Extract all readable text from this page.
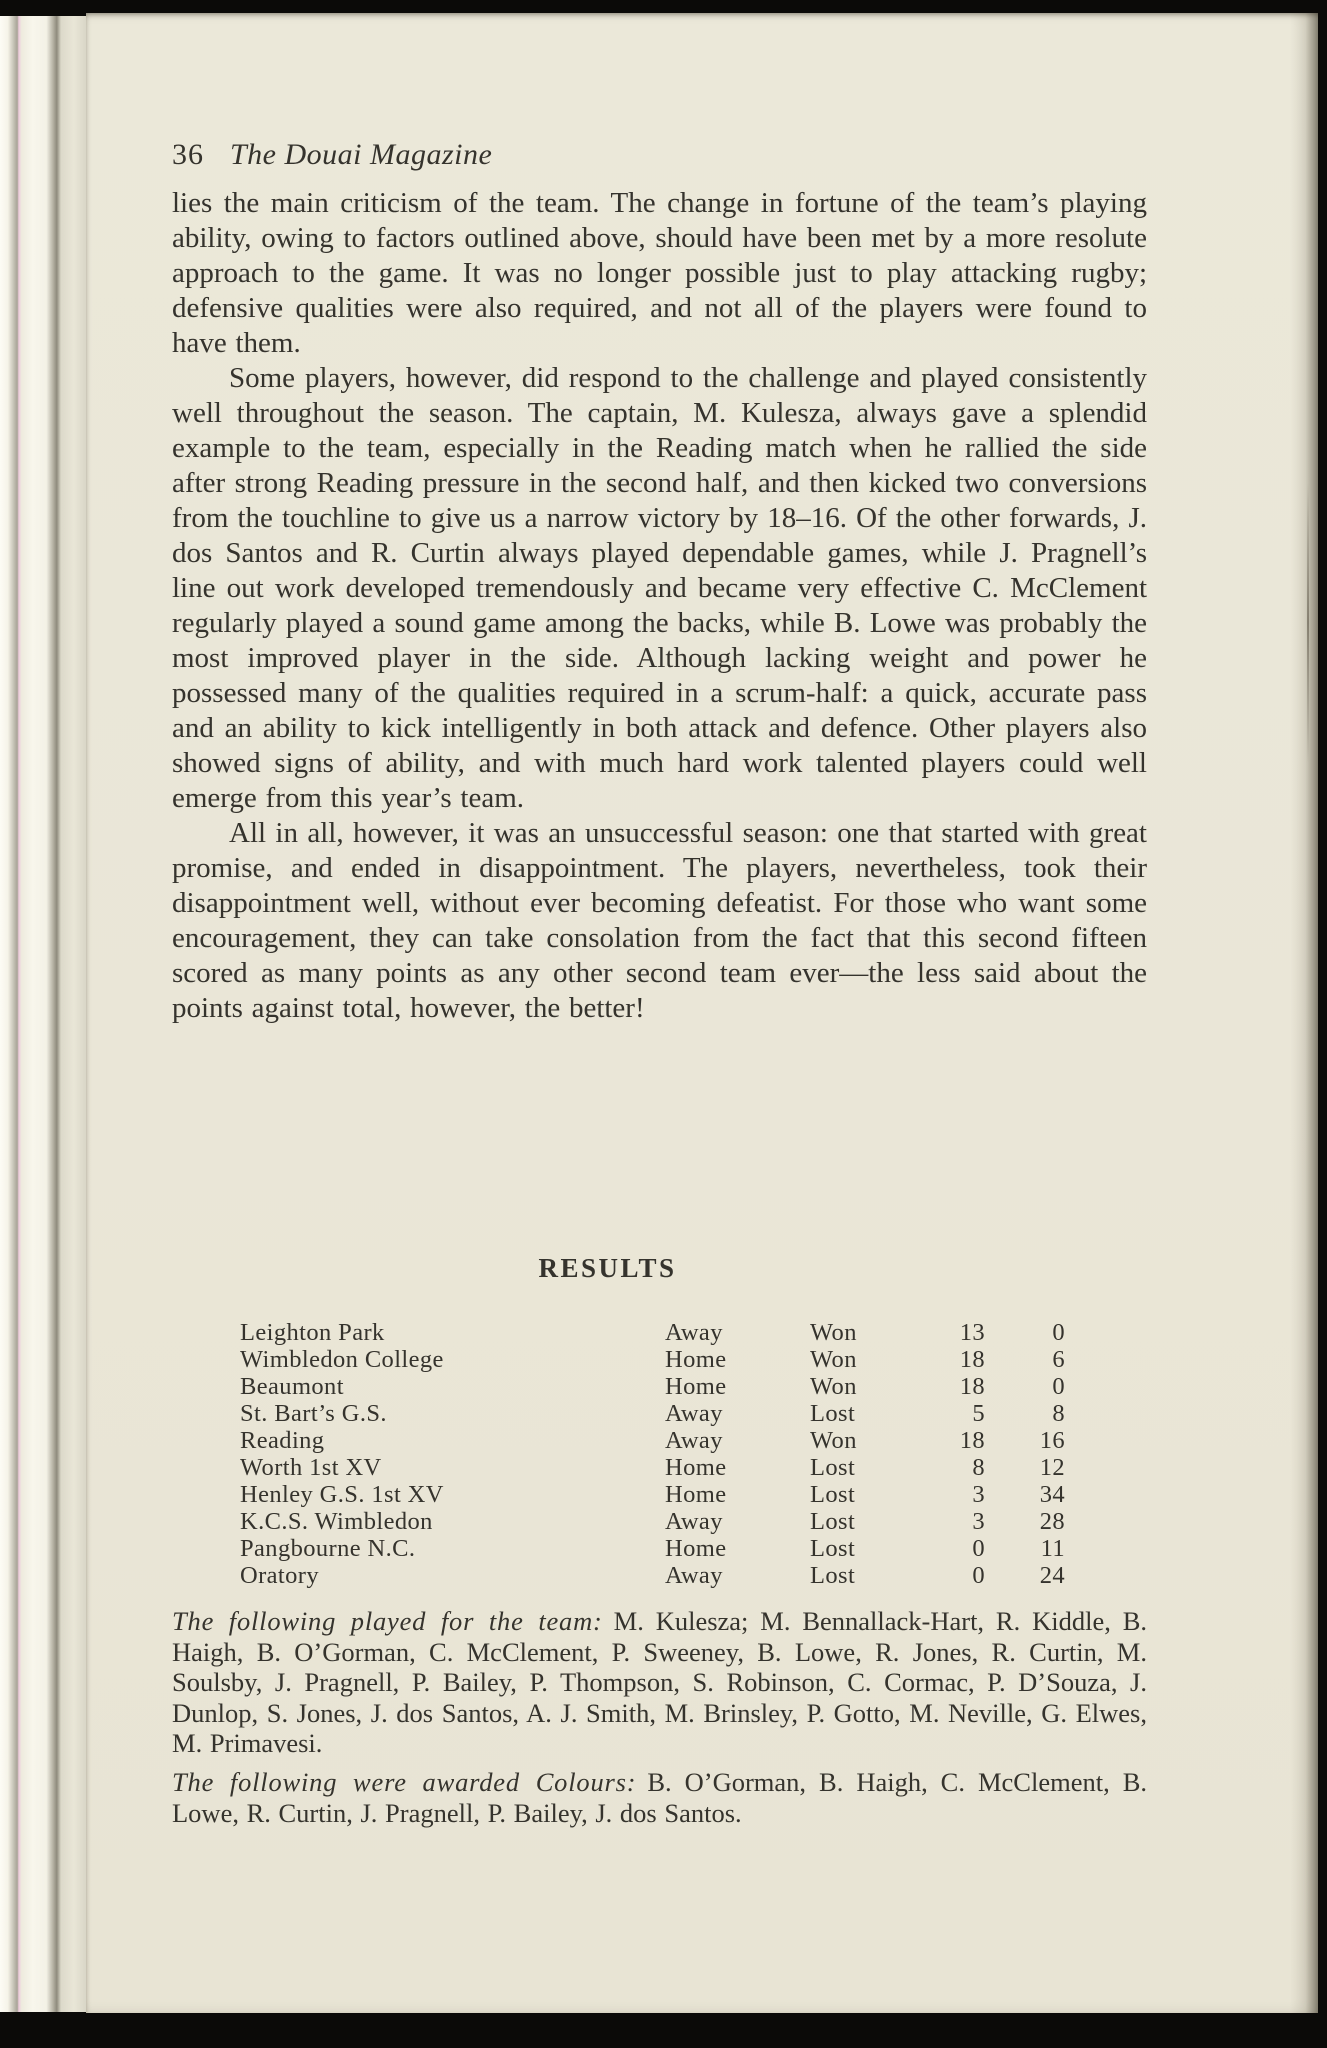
36 The Douai Magazine

lies the main criticism of the team. The change in fortune of the team’s playing ability, owing to factors outlined above, should have been met by a more resolute approach to the game. It was no longer possible just to play attacking rugby; defensive qualities were also required, and not all of the players were found to have them.

Some players, however, did respond to the challenge and played consistently well throughout the season. The captain, M. Kulesza, always gave a splendid example to the team, especially in the Reading match when he rallied the side after strong Reading pressure in the second half, and then kicked two conversions from the touchline to give us a narrow victory by 18–16. Of the other forwards, J. dos Santos and R. Curtin always played dependable games, while J. Pragnell’s line out work developed tremendously and became very effective C. McClement regularly played a sound game among the backs, while B. Lowe was probably the most improved player in the side. Although lacking weight and power he possessed many of the qualities required in a scrum-half: a quick, accurate pass and an ability to kick intelligently in both attack and defence. Other players also showed signs of ability, and with much hard work talented players could well emerge from this year’s team.

All in all, however, it was an unsuccessful season: one that started with great promise, and ended in disappointment. The players, nevertheless, took their disappointment well, without ever becoming defeatist. For those who want some encouragement, they can take consolation from the fact that this second fifteen scored as many points as any other second team ever—the less said about the points against total, however, the better!

RESULTS
Leighton Park	Away	Won	13	0
Wimbledon College	Home	Won	18	6
Beaumont	Home	Won	18	0
St. Bart’s G.S.	Away	Lost	5	8
Reading	Away	Won	18	16
Worth 1st XV	Home	Lost	8	12
Henley G.S. 1st XV	Home	Lost	3	34
K.C.S. Wimbledon	Away	Lost	3	28
Pangbourne N.C.	Home	Lost	0	11
Oratory	Away	Lost	0	24

The following played for the team: M. Kulesza; M. Bennallack-Hart, R. Kiddle, B. Haigh, B. O’Gorman, C. McClement, P. Sweeney, B. Lowe, R. Jones, R. Curtin, M. Soulsby, J. Pragnell, P. Bailey, P. Thompson, S. Robinson, C. Cormac, P. D’Souza, J. Dunlop, S. Jones, J. dos Santos, A. J. Smith, M. Brinsley, P. Gotto, M. Neville, G. Elwes, M. Primavesi.

The following were awarded Colours: B. O’Gorman, B. Haigh, C. McClement, B. Lowe, R. Curtin, J. Pragnell, P. Bailey, J. dos Santos.
